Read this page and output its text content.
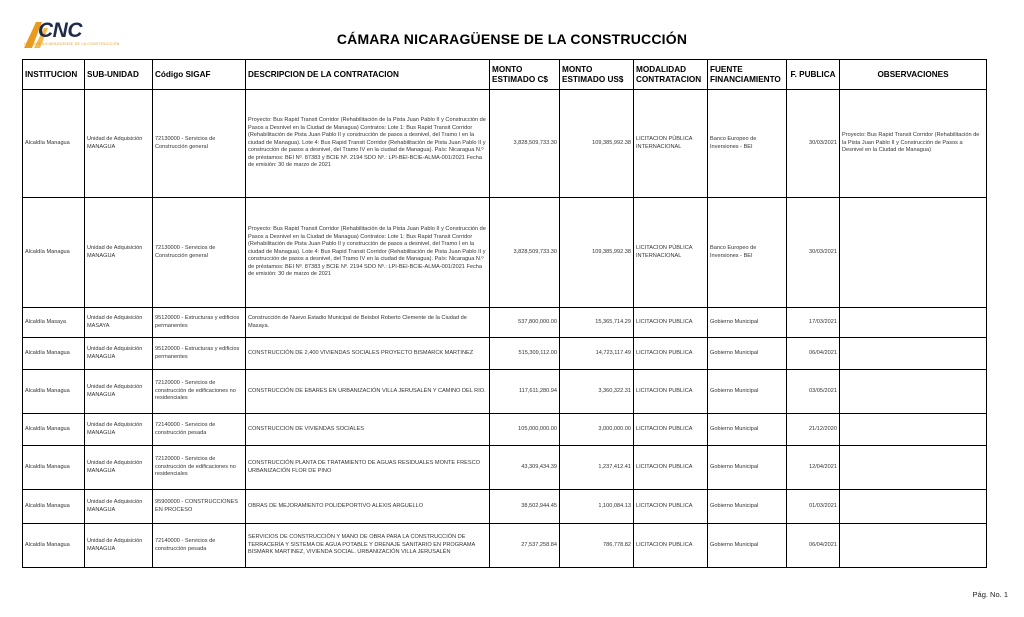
CNC
CÁMARA NICARAGÜENSE DE LA CONSTRUCCIÓN	CÁMARA NICARAGÜENSE DE LA CONSTRUCCIÓN
INSTITUCION	SUB-UNIDAD	Código SIGAF	DESCRIPCION DE LA CONTRATACION	MONTO ESTIMADO C$	MONTO ESTIMADO US$	MODALIDAD CONTRATACION	FUENTE FINANCIAMIENTO	F. PUBLICA	OBSERVACIONES
Alcaldía Managua	Unidad de Adquisición MANAGUA	72130000 - Servicios de Construcción general	Proyecto: Bus Rapid Transit Corridor (Rehabilitación de la Pista Juan Pablo II y Construcción de Pasos a Desnivel en la Ciudad de Managua) Contratos: Lote 1: Bus Rapid Transit Corridor (Rehabilitación de Pista Juan Pablo II y construcción de pasos a desnivel, del Tramo I en la ciudad de Managua). Lote 4: Bus Rapid Transit Corridor (Rehabilitación de Pista Juan Pablo II y construcción de pasos a desnivel, del Tramo IV en la ciudad de Managua). País: Nicaragua N.º de préstamos: BEI Nº. 87383 y BCIE Nº. 2194 SDO Nº.: LPI-BEI-BCIE-ALMA-001/2021 Fecha de emisión: 30 de marzo de 2021	3,828,509,733.30	109,385,992.38	LICITACION PÚBLICA INTERNACIONAL	Banco Europeo de Inversiones - BEI	30/03/2021	Proyecto: Bus Rapid Transit Corridor (Rehabilitación de la Pista Juan Pablo II y Construcción de Pasos a Desnivel en la Ciudad de Managua)
Alcaldía Managua	Unidad de Adquisición MANAGUA	72130000 - Servicios de Construcción general	Proyecto: Bus Rapid Transit Corridor (Rehabilitación de la Pista Juan Pablo II y Construcción de Pasos a Desnivel en la Ciudad de Managua) Contratos: Lote 1: Bus Rapid Transit Corridor (Rehabilitación de Pista Juan Pablo II y construcción de pasos a desnivel, del Tramo I en la ciudad de Managua). Lote 4: Bus Rapid Transit Corridor (Rehabilitación de Pista Juan Pablo II y construcción de pasos a desnivel, del Tramo IV en la ciudad de Managua). País: Nicaragua N.º de préstamos: BEI Nº. 87383 y BCIE Nº. 2194 SDO Nº.: LPI-BEI-BCIE-ALMA-001/2021 Fecha de emisión: 30 de marzo de 2021	3,828,509,733.30	109,385,992.38	LICITACION PÚBLICA INTERNACIONAL	Banco Europeo de Inversiones - BEI	30/03/2021	
Alcaldía Masaya	Unidad de Adquisición MASAYA	95120000 - Estructuras y edificios permanentes	Construcción de Nuevo Estadio Municipal de Beisbol Roberto Clemente de la Ciudad de Masaya.	537,800,000.00	15,365,714.29	LICITACION PUBLICA	Gobierno Municipal	17/03/2021	
Alcaldía Managua	Unidad de Adquisición MANAGUA	95120000 - Estructuras y edificios permanentes	CONSTRUCCIÓN DE 2,400 VIVIENDAS SOCIALES PROYECTO BISMARCK MARTINEZ	515,309,112.00	14,723,117.49	LICITACION PUBLICA	Gobierno Municipal	06/04/2021	
Alcaldía Managua	Unidad de Adquisición MANAGUA	72120000 - Servicios de construcción de edificaciones no residenciales	CONSTRUCCIÓN DE EBARES EN URBANIZACIÓN VILLA JERUSALÉN Y CAMINO DEL RIO.	117,611,280.94	3,360,322.31	LICITACION PUBLICA	Gobierno Municipal	03/05/2021	
Alcaldía Managua	Unidad de Adquisición MANAGUA	72140000 - Servicios de construcción pesada	CONSTRUCCION DE VIVIENDAS SOCIALES	105,000,000.00	3,000,000.00	LICITACION PUBLICA	Gobierno Municipal	21/12/2020	
Alcaldía Managua	Unidad de Adquisición MANAGUA	72120000 - Servicios de construcción de edificaciones no residenciales	CONSTRUCCIÓN PLANTA DE TRATAMIENTO DE AGUAS RESIDUALES MONTE FRESCO URBANIZACIÓN FLOR DE PINO	43,309,434.39	1,237,412.41	LICITACION PUBLICA	Gobierno Municipal	12/04/2021	
Alcaldía Managua	Unidad de Adquisición MANAGUA	95900000 - CONSTRUCCIONES EN PROCESO	OBRAS DE MEJORAMIENTO POLIDEPORTIVO ALEXIS ARGUELLO	38,502,944.45	1,100,084.13	LICITACION PUBLICA	Gobierno Municipal	01/03/2021	
Alcaldía Managua	Unidad de Adquisición MANAGUA	72140000 - Servicios de construcción pesada	SERVICIOS DE CONSTRUCCIÓN Y MANO DE OBRA PARA LA CONSTRUCCIÓN DE TERRACERÍA Y SISTEMA DE AGUA POTABLE Y DRENAJE SANITARIO EN PROGRAMA BISMARK MARTINEZ, VIVIENDA SOCIAL. URBANIZACIÓN VILLA JERUSALÉN	27,537,258.84	786,778.82	LICITACION PUBLICA	Gobierno Municipal	06/04/2021	
Pág. No. 1
